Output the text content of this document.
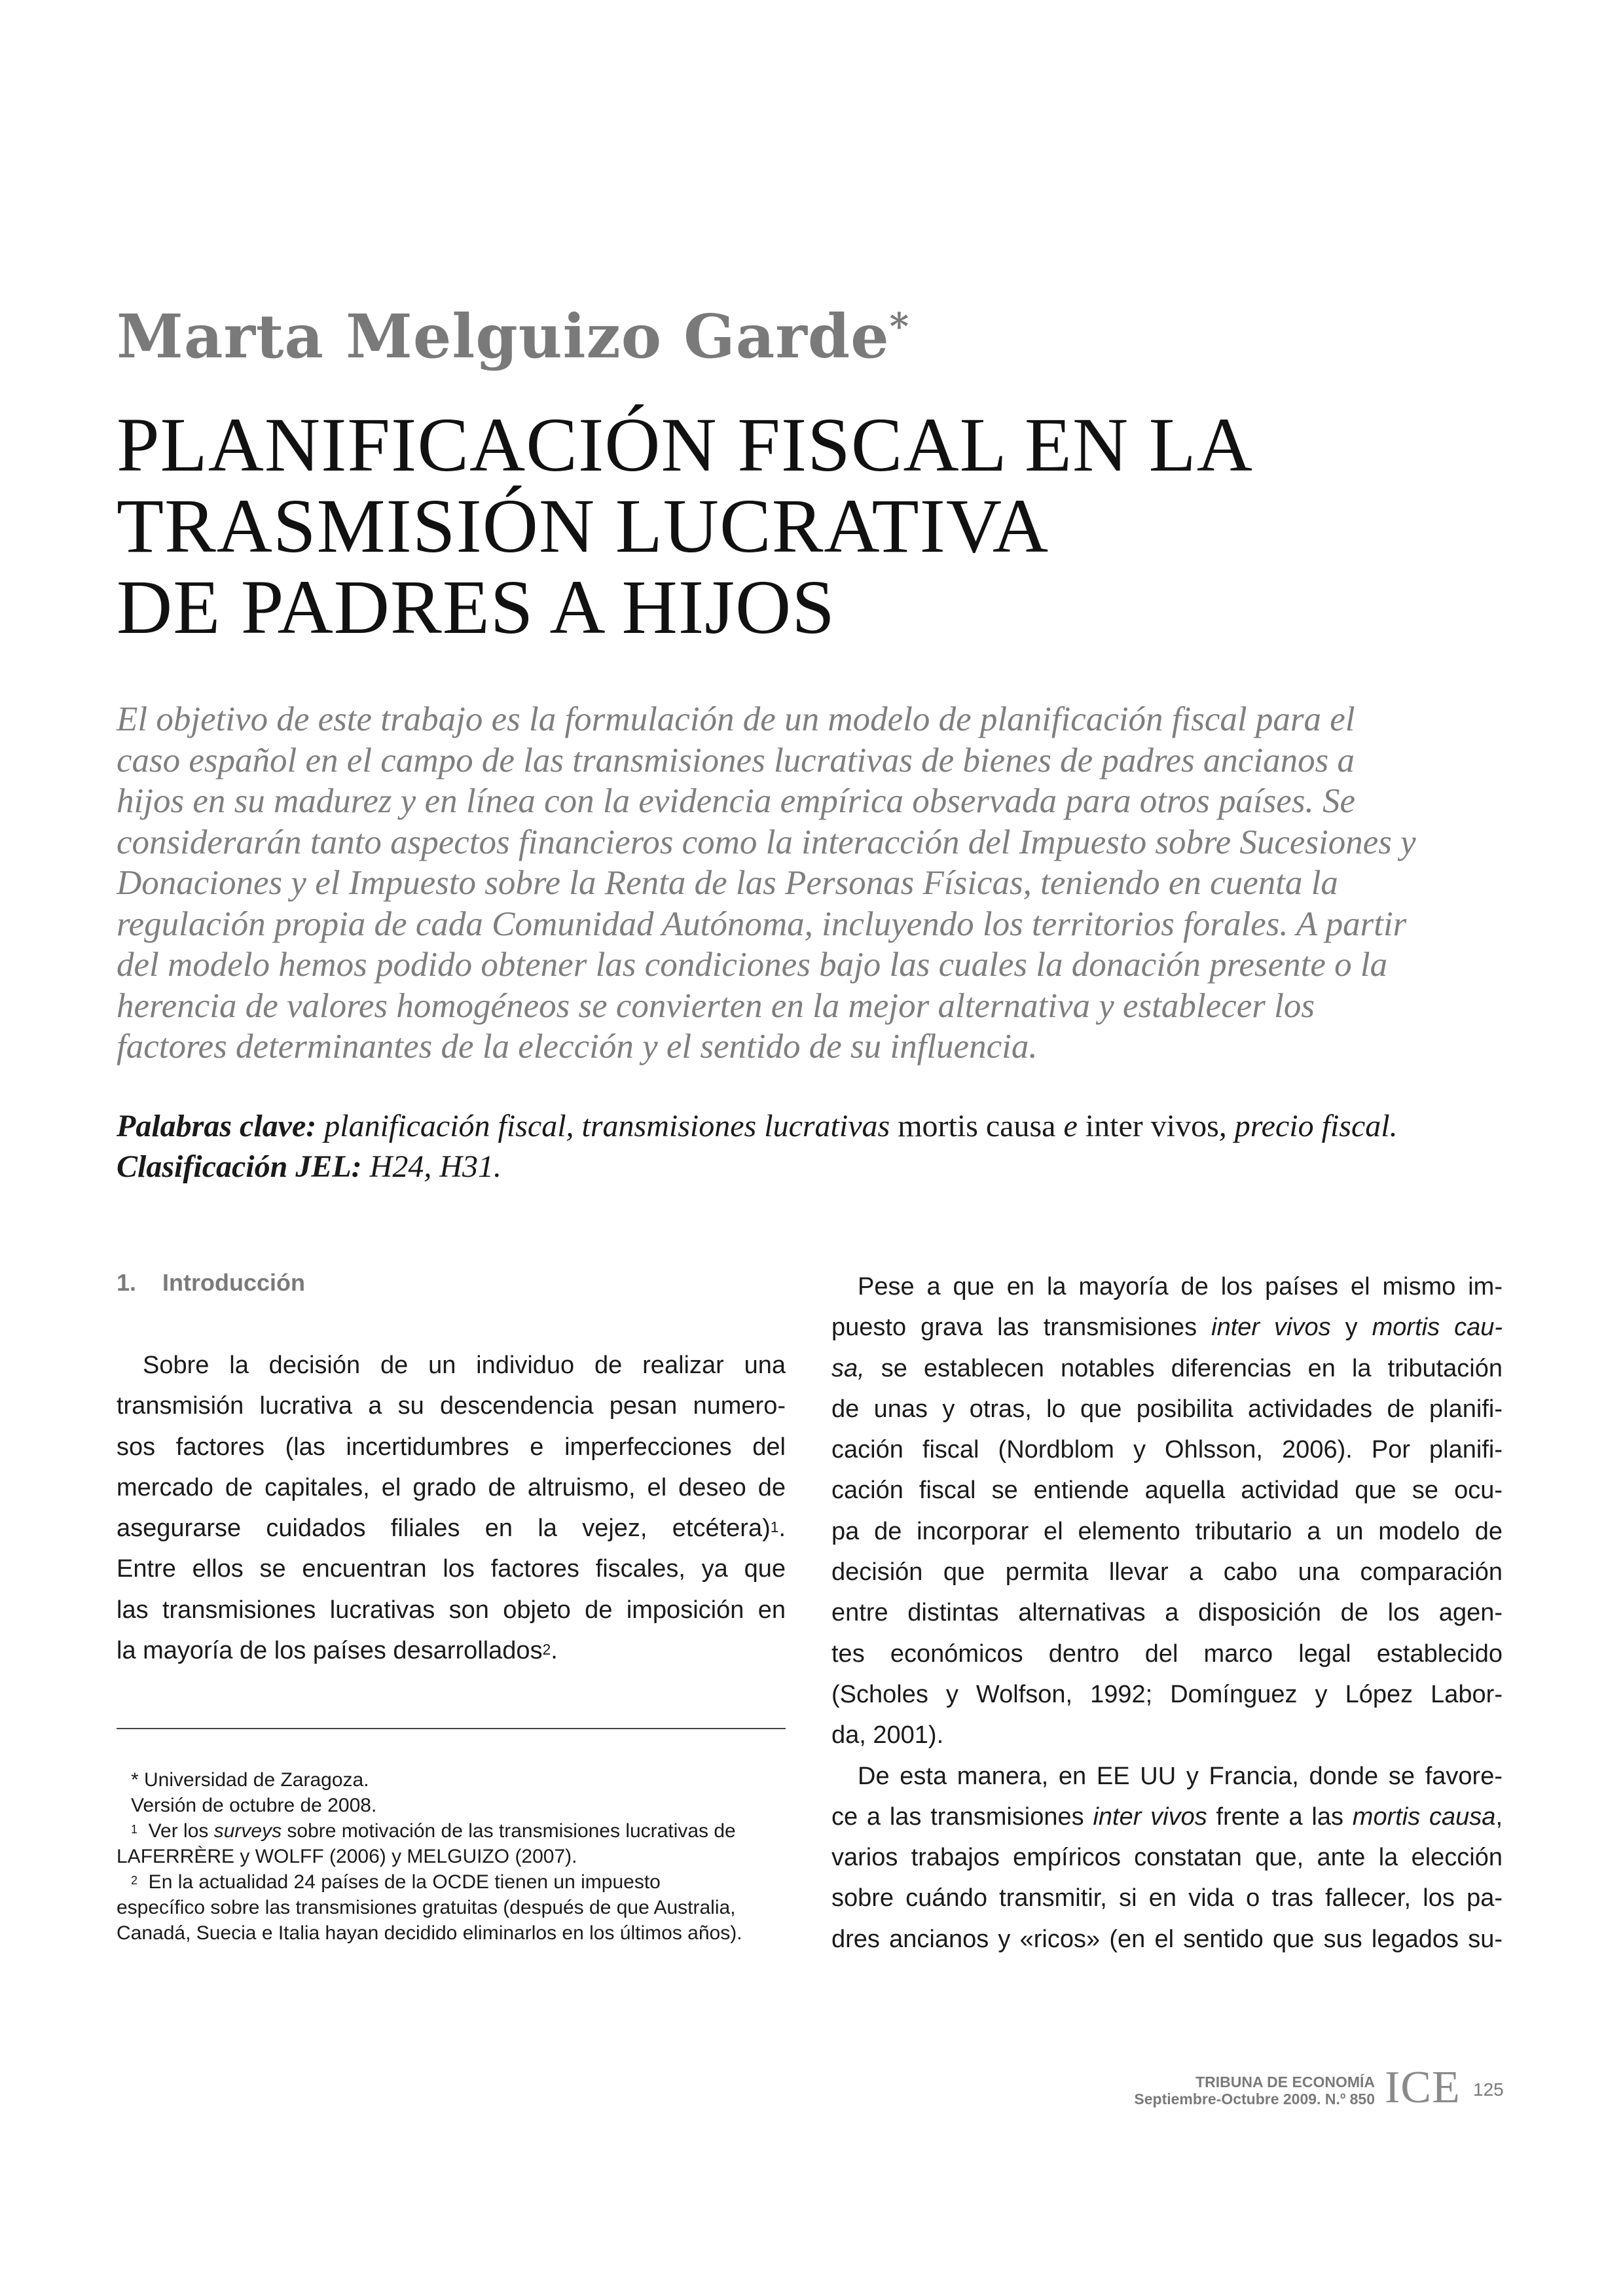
Marta Melguizo Garde*
PLANIFICACIÓN FISCAL EN LA
TRASMISIÓN LUCRATIVA
DE PADRES A HIJOS
El objetivo de este trabajo es la formulación de un modelo de planificación fiscal para el
caso español en el campo de las transmisiones lucrativas de bienes de padres ancianos a
hijos en su madurez y en línea con la evidencia empírica observada para otros países. Se
considerarán tanto aspectos financieros como la interacción del Impuesto sobre Sucesiones y
Donaciones y el Impuesto sobre la Renta de las Personas Físicas, teniendo en cuenta la
regulación propia de cada Comunidad Autónoma, incluyendo los territorios forales. A partir
del modelo hemos podido obtener las condiciones bajo las cuales la donación presente o la
herencia de valores homogéneos se convierten en la mejor alternativa y establecer los
factores determinantes de la elección y el sentido de su influencia.
Palabras clave: planificación fiscal, transmisiones lucrativas mortis causa e inter vivos, precio fiscal.
Clasificación JEL: H24, H31.
1.    Introducción
Sobre la decisión de un individuo de realizar una
transmisión lucrativa a su descendencia pesan numero-
sos factores (las incertidumbres e imperfecciones del
mercado de capitales, el grado de altruismo, el deseo de
asegurarse cuidados filiales en la vejez, etcétera)$^1$.
Entre ellos se encuentran los factores fiscales, ya que
las transmisiones lucrativas son objeto de imposición en
la mayoría de los países desarrollados$^2$.
Pese a que en la mayoría de los países el mismo im-
puesto grava las transmisiones inter vivos y mortis cau-
sa, se establecen notables diferencias en la tributación
de unas y otras, lo que posibilita actividades de planifi-
cación fiscal (Nordblom y Ohlsson, 2006). Por planifi-
cación fiscal se entiende aquella actividad que se ocu-
pa de incorporar el elemento tributario a un modelo de
decisión que permita llevar a cabo una comparación
entre distintas alternativas a disposición de los agen-
tes económicos dentro del marco legal establecido
(Scholes y Wolfson, 1992; Domínguez y López Labor-
da, 2001).
De esta manera, en EE UU y Francia, donde se favore-
ce a las transmisiones inter vivos frente a las mortis causa,
varios trabajos empíricos constatan que, ante la elección
sobre cuándo transmitir, si en vida o tras fallecer, los pa-
dres ancianos y «ricos» (en el sentido que sus legados su-
* Universidad de Zaragoza.
Versión de octubre de 2008.
$^1$  Ver los surveys sobre motivación de las transmisiones lucrativas de
LAFERRÈRE y WOLFF (2006) y MELGUIZO (2007).
$^2$  En la actualidad 24 países de la OCDE tienen un impuesto
específico sobre las transmisiones gratuitas (después de que Australia,
Canadá, Suecia e Italia hayan decidido eliminarlos en los últimos años).
TRIBUNA DE ECONOMÍA
Septiembre-Octubre 2009. N.º 850 ICE 125
